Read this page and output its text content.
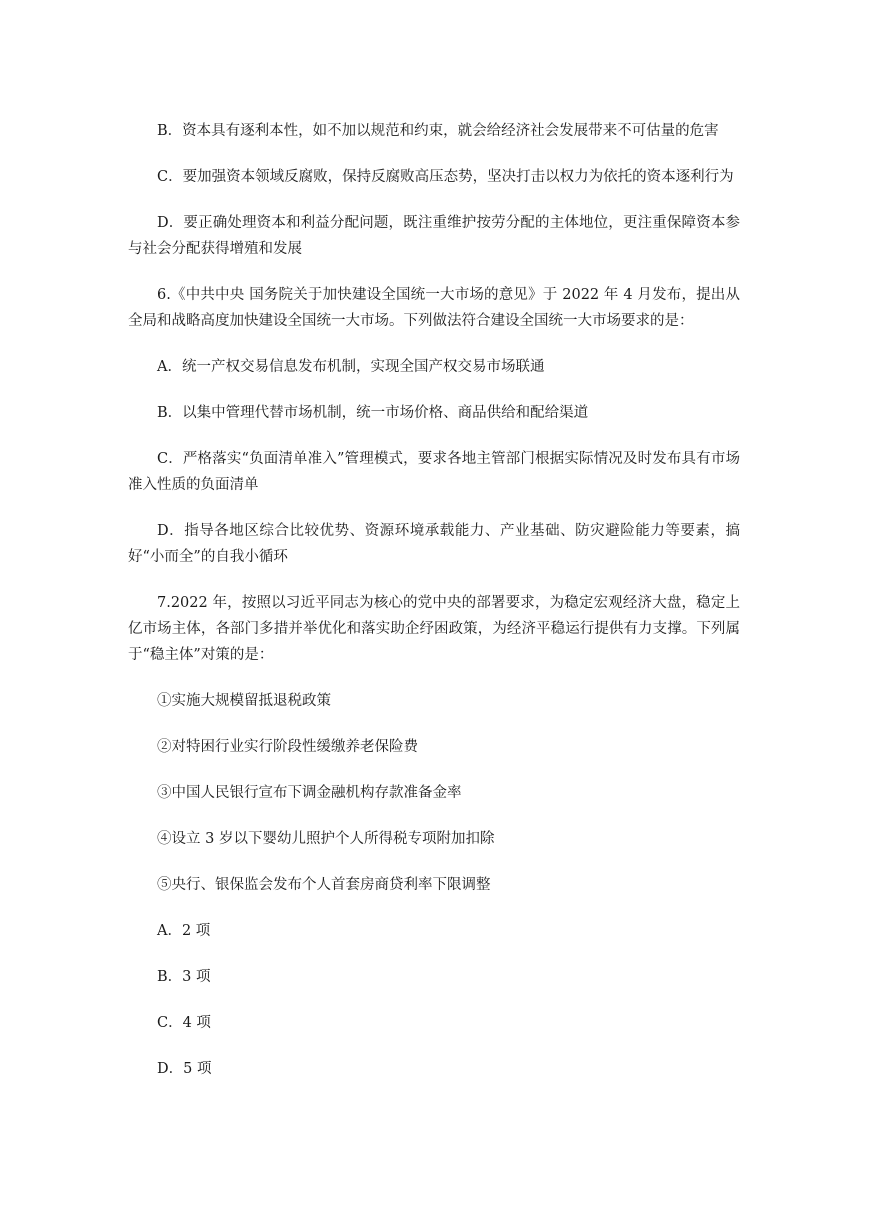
B．资本具有逐利本性，如不加以规范和约束，就会给经济社会发展带来不可估量的危害

C．要加强资本领域反腐败，保持反腐败高压态势，坚决打击以权力为依托的资本逐利行为

D．要正确处理资本和利益分配问题，既注重维护按劳分配的主体地位，更注重保障资本参与社会分配获得增殖和发展

6.《中共中央 国务院关于加快建设全国统一大市场的意见》于 2022 年 4 月发布，提出从全局和战略高度加快建设全国统一大市场。下列做法符合建设全国统一大市场要求的是：

A．统一产权交易信息发布机制，实现全国产权交易市场联通

B．以集中管理代替市场机制，统一市场价格、商品供给和配给渠道

C．严格落实“负面清单准入”管理模式，要求各地主管部门根据实际情况及时发布具有市场准入性质的负面清单

D．指导各地区综合比较优势、资源环境承载能力、产业基础、防灾避险能力等要素，搞好“小而全”的自我小循环

7.2022 年，按照以习近平同志为核心的党中央的部署要求，为稳定宏观经济大盘，稳定上亿市场主体，各部门多措并举优化和落实助企纾困政策，为经济平稳运行提供有力支撑。下列属于“稳主体”对策的是：

①实施大规模留抵退税政策

②对特困行业实行阶段性缓缴养老保险费

③中国人民银行宣布下调金融机构存款准备金率

④设立 3 岁以下婴幼儿照护个人所得税专项附加扣除

⑤央行、银保监会发布个人首套房商贷利率下限调整

A．2 项

B．3 项

C．4 项

D．5 项
